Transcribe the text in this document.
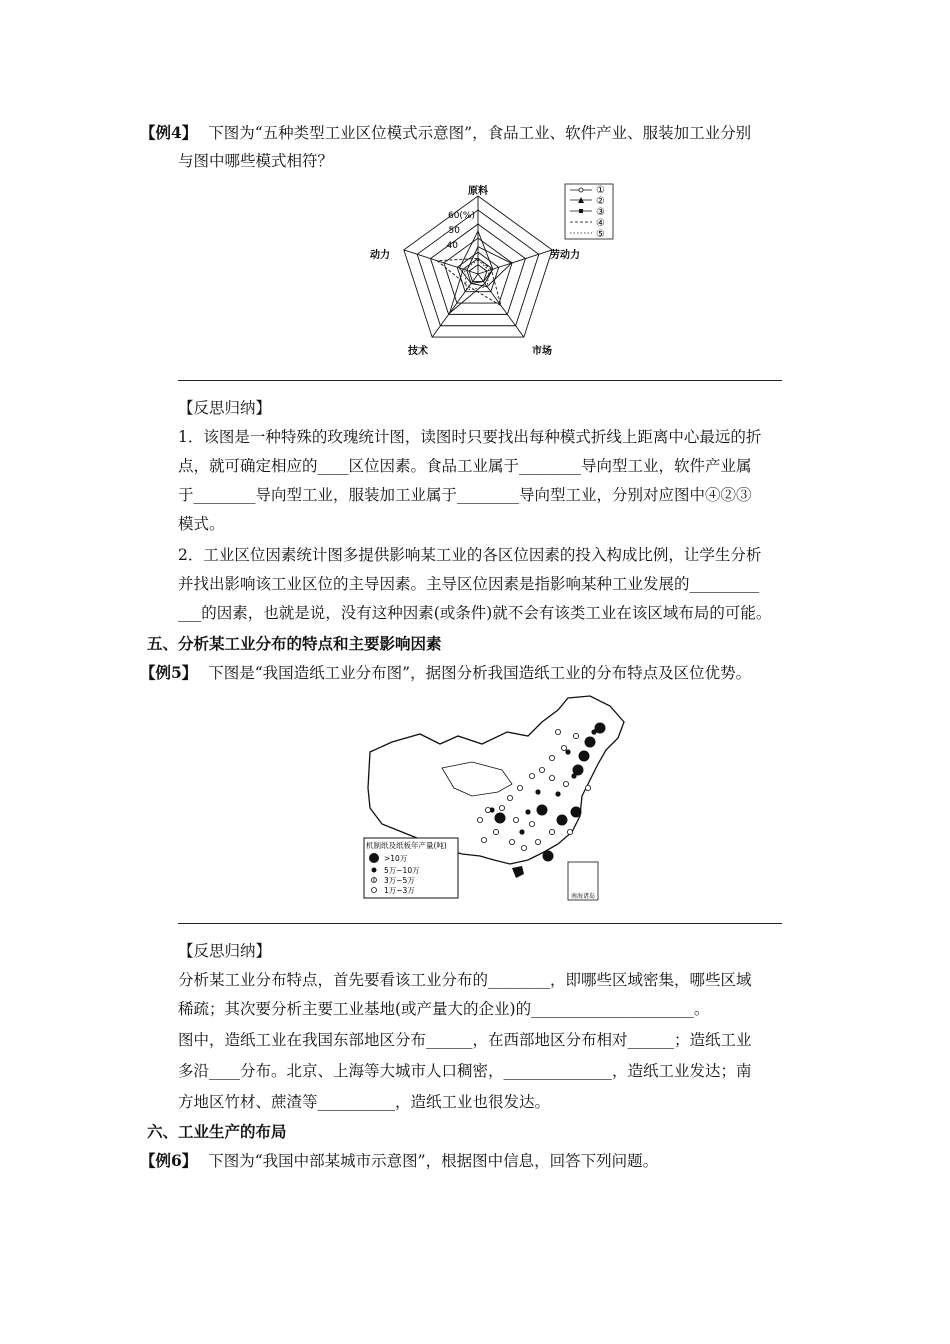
【例4】 下图为“五种类型工业区位模式示意图”，食品工业、软件产业、服装加工业分别
与图中哪些模式相符？
原料
劳动力
市场
技术
动力
60(%)
50
40
①
②
③
④
⑤
【反思归纳】
1．该图是一种特殊的玫瑰统计图，读图时只要找出每种模式折线上距离中心最远的折
点，就可确定相应的____区位因素。食品工业属于________导向型工业，软件产业属
于________导向型工业，服装加工业属于________导向型工业，分别对应图中④②③
模式。
2．工业区位因素统计图多提供影响某工业的各区位因素的投入构成比例，让学生分析
并找出影响该工业区位的主导因素。主导区位因素是指影响某种工业发展的_________
___的因素，也就是说，没有这种因素(或条件)就不会有该类工业在该区域布局的可能。
五、分析某工业分布的特点和主要影响因素
【例5】 下图是“我国造纸工业分布图”，据图分析我国造纸工业的分布特点及区位优势。
机制纸及纸板年产量(吨)
>10万
5万~10万
3万~5万
1万~3万
南海诸岛
【反思归纳】
分析某工业分布特点，首先要看该工业分布的________，即哪些区域密集，哪些区域
稀疏；其次要分析主要工业基地(或产量大的企业)的_____________________。
图中，造纸工业在我国东部地区分布______，在西部地区分布相对______；造纸工业
多沿____分布。北京、上海等大城市人口稠密，______________，造纸工业发达；南
方地区竹材、蔗渣等__________，造纸工业也很发达。
六、工业生产的布局
【例6】 下图为“我国中部某城市示意图”，根据图中信息，回答下列问题。
